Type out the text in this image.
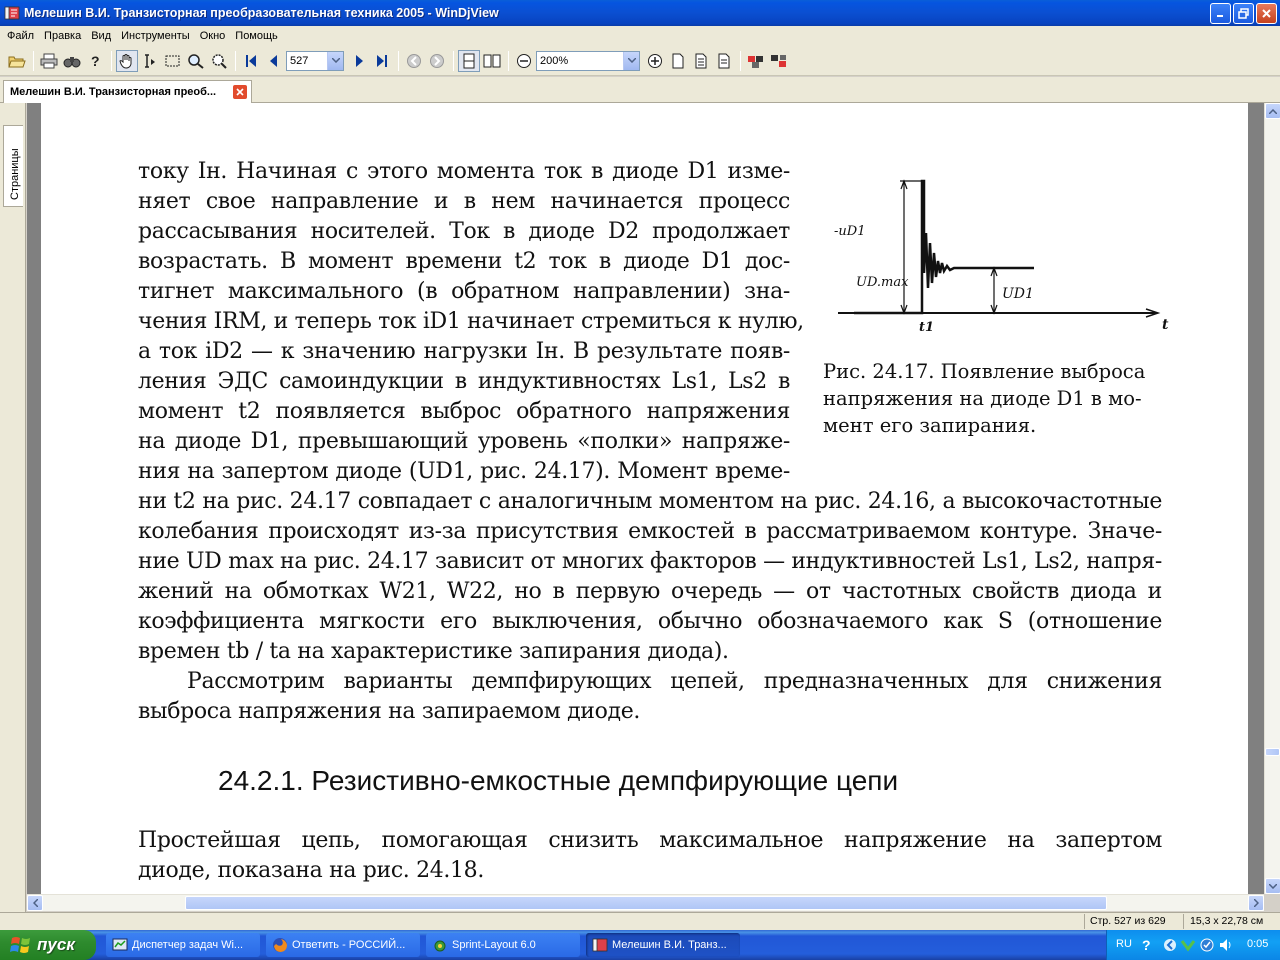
Мелешин В.И. Транзисторная преобразовательная техника 2005 - WinDjView
Файл Правка Вид Инструменты Окно Помощь
?	527	200%
Мелешин В.И. Транзисторная преоб...
Страницы	току Iн. Начиная с этого момента ток в диоде D1 изме-
няет свое направление и в нем начинается процесс
рассасывания носителей. Ток в диоде D2 продолжает
возрастать. В момент времени t2 ток в диоде D1 дос-
тигнет максимального (в обратном направлении) зна-
чения IRM, и теперь ток iD1 начинает стремиться к нулю,
а ток iD2 — к значению нагрузки Iн. В результате появ-
ления ЭДС самоиндукции в индуктивностях Ls1, Ls2 в
момент t2 появляется выброс обратного напряжения
на диоде D1, превышающий уровень «полки» напряже-
ния на запертом диоде (UD1, рис. 24.17). Момент време-
ни t2 на рис. 24.17 совпадает с аналогичным моментом на рис. 24.16, а высокочастотные
колебания происходят из-за присутствия емкостей в рассматриваемом контуре. Значе-
ние UD max на рис. 24.17 зависит от многих факторов — индуктивностей Ls1, Ls2, напря-
жений на обмотках W21, W22, но в первую очередь — от частотных свойств диода и
коэффициента мягкости его выключения, обычно обозначаемого как S (отношение
времен tb / ta на характеристике запирания диода).
Рассмотрим варианты демпфирующих цепей, предназначенных для снижения
выброса напряжения на запираемом диоде.
24.2.1. Резистивно-емкостные демпфирующие цепи
Простейшая цепь, помогающая снизить максимальное напряжение на запертом
диоде, показана на рис. 24.18.
-uD1
UD.max
UD1
t1	t
Рис. 24.17. Появление выброса
напряжения на диоде D1 в мо-
мент его запирания.
Стр. 527 из 629 15,3 x 22,78 см
пуск	Диспетчер задач Wi...	Ответить - РОССИЙ...	Sprint-Layout 6.0	Мелешин В.И. Транз...	RU ?	0:05
